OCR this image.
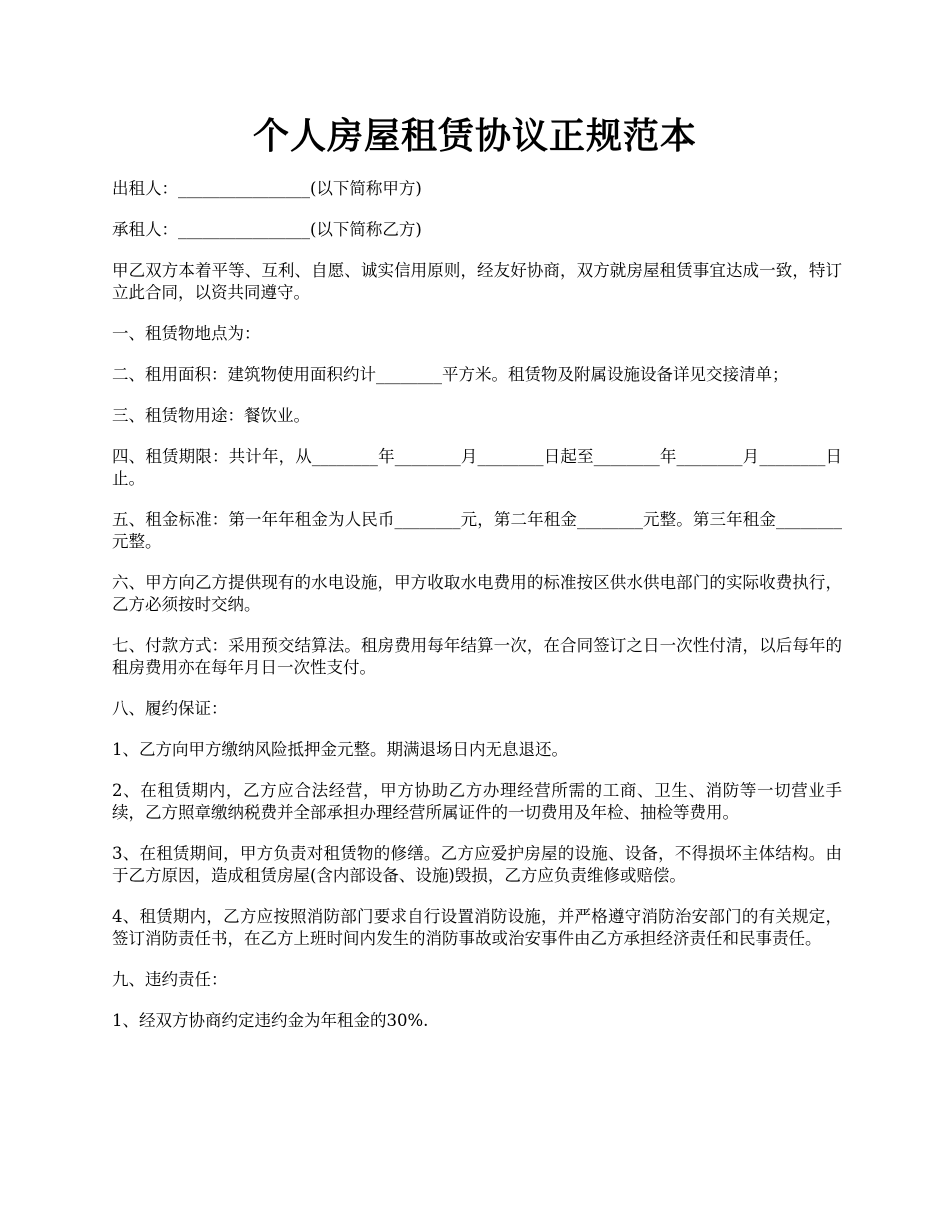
个人房屋租赁协议正规范本

出租人：________________(以下简称甲方)

承租人：________________(以下简称乙方)

甲乙双方本着平等、互利、自愿、诚实信用原则，经友好协商，双方就房屋租赁事宜达成一致，特订立此合同，以资共同遵守。

一、租赁物地点为：

二、租用面积：建筑物使用面积约计________平方米。租赁物及附属设施设备详见交接清单；

三、租赁物用途：餐饮业。

四、租赁期限：共计年，从________年________月________日起至________年________月________日止。

五、租金标准：第一年年租金为人民币________元，第二年租金________元整。第三年租金________元整。

六、甲方向乙方提供现有的水电设施，甲方收取水电费用的标准按区供水供电部门的实际收费执行，乙方必须按时交纳。

七、付款方式：采用预交结算法。租房费用每年结算一次，在合同签订之日一次性付清，以后每年的租房费用亦在每年月日一次性支付。

八、履约保证：

1、乙方向甲方缴纳风险抵押金元整。期满退场日内无息退还。

2、在租赁期内，乙方应合法经营，甲方协助乙方办理经营所需的工商、卫生、消防等一切营业手续，乙方照章缴纳税费并全部承担办理经营所属证件的一切费用及年检、抽检等费用。

3、在租赁期间，甲方负责对租赁物的修缮。乙方应爱护房屋的设施、设备，不得损坏主体结构。由于乙方原因，造成租赁房屋(含内部设备、设施)毁损，乙方应负责维修或赔偿。

4、租赁期内，乙方应按照消防部门要求自行设置消防设施，并严格遵守消防治安部门的有关规定，签订消防责任书，在乙方上班时间内发生的消防事故或治安事件由乙方承担经济责任和民事责任。

九、违约责任：

1、经双方协商约定违约金为年租金的30%.
